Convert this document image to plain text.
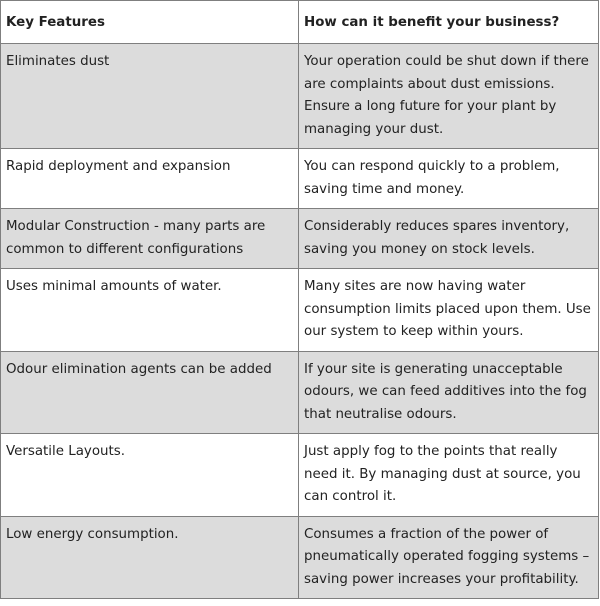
Key Features	How can it benefit your business?
Eliminates dust	Your operation could be shut down if there are complaints about dust emissions. Ensure a long future for your plant by managing your dust.
Rapid deployment and expansion	You can respond quickly to a problem, saving time and money.
Modular Construction - many parts are common to different configurations	Considerably reduces spares inventory, saving you money on stock levels.
Uses minimal amounts of water.	Many sites are now having water consumption limits placed upon them. Use our system to keep within yours.
Odour elimination agents can be added	If your site is generating unacceptable odours, we can feed additives into the fog that neutralise odours.
Versatile Layouts.	Just apply fog to the points that really need it. By managing dust at source, you can control it.
Low energy consumption.	Consumes a fraction of the power of pneumatically operated fogging systems – saving power increases your profitability.
